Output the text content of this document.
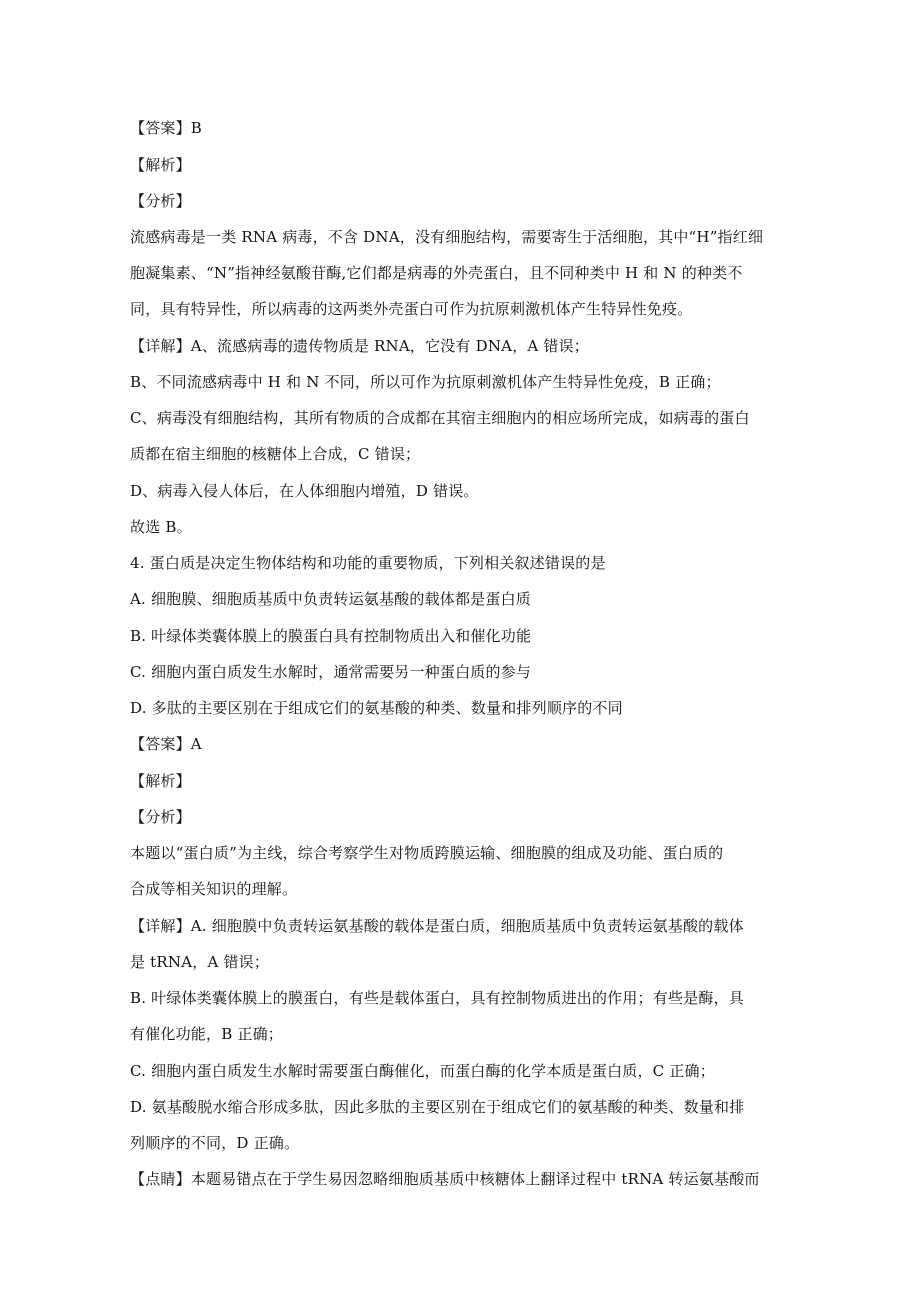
【答案】B
【解析】
【分析】
流感病毒是一类 RNA 病毒，不含 DNA，没有细胞结构，需要寄生于活细胞，其中“H”指红细
胞凝集素、“N”指神经氨酸苷酶,它们都是病毒的外壳蛋白，且不同种类中 H 和 N 的种类不
同，具有特异性，所以病毒的这两类外壳蛋白可作为抗原刺激机体产生特异性免疫。
【详解】A、流感病毒的遗传物质是 RNA，它没有 DNA，A 错误；
B、不同流感病毒中 H 和 N 不同，所以可作为抗原刺激机体产生特异性免疫，B 正确；
C、病毒没有细胞结构，其所有物质的合成都在其宿主细胞内的相应场所完成，如病毒的蛋白
质都在宿主细胞的核糖体上合成，C 错误；
D、病毒入侵人体后，在人体细胞内增殖，D 错误。
故选 B。
4. 蛋白质是决定生物体结构和功能的重要物质，下列相关叙述错误的是
A. 细胞膜、细胞质基质中负责转运氨基酸的载体都是蛋白质
B. 叶绿体类囊体膜上的膜蛋白具有控制物质出入和催化功能
C. 细胞内蛋白质发生水解时，通常需要另一种蛋白质的参与
D. 多肽的主要区别在于组成它们的氨基酸的种类、数量和排列顺序的不同
【答案】A
【解析】
【分析】
本题以“蛋白质”为主线，综合考察学生对物质跨膜运输、细胞膜的组成及功能、蛋白质的
合成等相关知识的理解。
【详解】A. 细胞膜中负责转运氨基酸的载体是蛋白质，细胞质基质中负责转运氨基酸的载体
是 tRNA，A 错误；
B. 叶绿体类囊体膜上的膜蛋白，有些是载体蛋白，具有控制物质进出的作用；有些是酶，具
有催化功能，B 正确；
C. 细胞内蛋白质发生水解时需要蛋白酶催化，而蛋白酶的化学本质是蛋白质，C 正确；
D. 氨基酸脱水缩合形成多肽，因此多肽的主要区别在于组成它们的氨基酸的种类、数量和排
列顺序的不同，D 正确。
【点睛】本题易错点在于学生易因忽略细胞质基质中核糖体上翻译过程中 tRNA 转运氨基酸而
